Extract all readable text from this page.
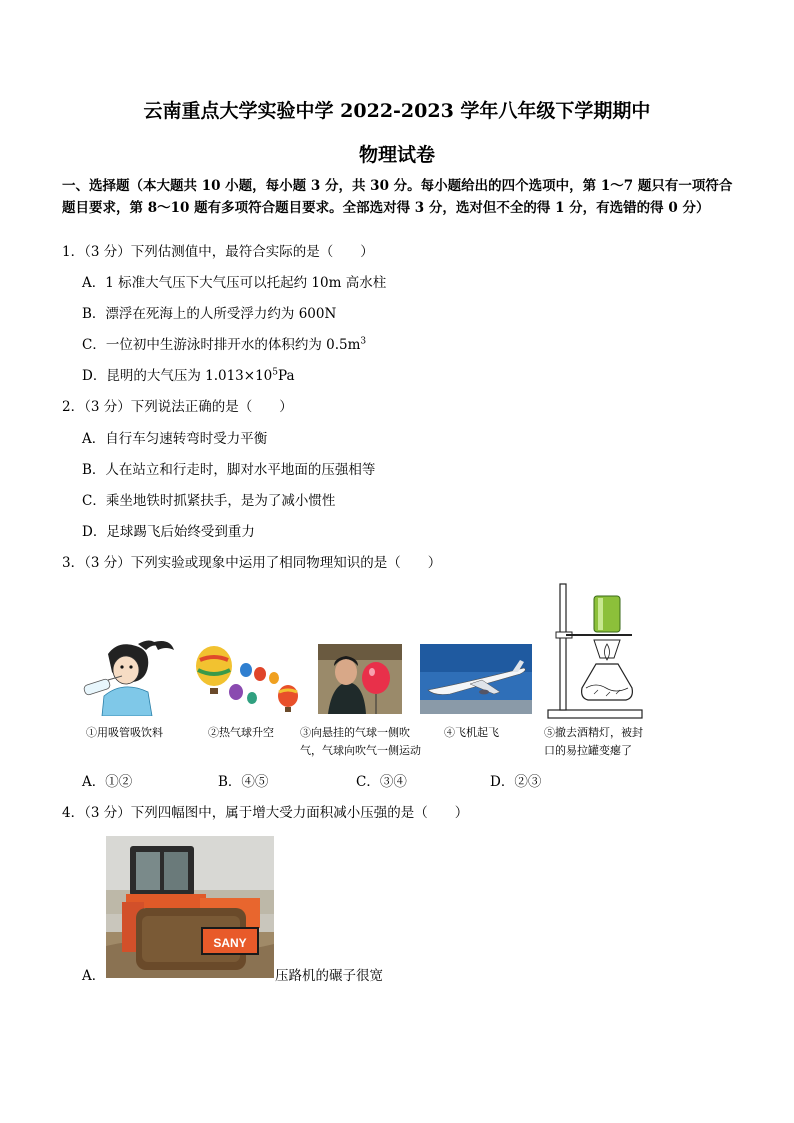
云南重点大学实验中学 2022-2023 学年八年级下学期期中
物理试卷
一、选择题（本大题共 10 小题，每小题 3 分，共 30 分。每小题给出的四个选项中，第 1～7 题只有一项符合
题目要求，第 8～10 题有多项符合题目要求。全部选对得 3 分，选对但不全的得 1 分，有选错的得 0 分）
1．（3 分）下列估测值中，最符合实际的是（　　）
A．1 标准大气压下大气压可以托起约 10m 高水柱
B．漂浮在死海上的人所受浮力约为 600N
C．一位初中生游泳时排开水的体积约为 $0.5m^3$
D．昆明的大气压为 $1.013\times 10^5Pa$
2．（3 分）下列说法正确的是（　　）
A．自行车匀速转弯时受力平衡
B．人在站立和行走时，脚对水平地面的压强相等
C．乘坐地铁时抓紧扶手，是为了减小惯性
D．足球踢飞后始终受到重力
3．（3 分）下列实验或现象中运用了相同物理知识的是（　　）
①用吸管吸饮料	②热气球升空 ③向悬挂的气球一侧吹
气，气球向吹气一侧运动
④飞机起飞	⑤撤去酒精灯，被封
口的易拉罐变瘪了
A．①②	B．④⑤	C．③④	D．②③
4．（3 分）下列四幅图中，属于增大受力面积减小压强的是（　　）
A．
SANY
压路机的碾子很宽
